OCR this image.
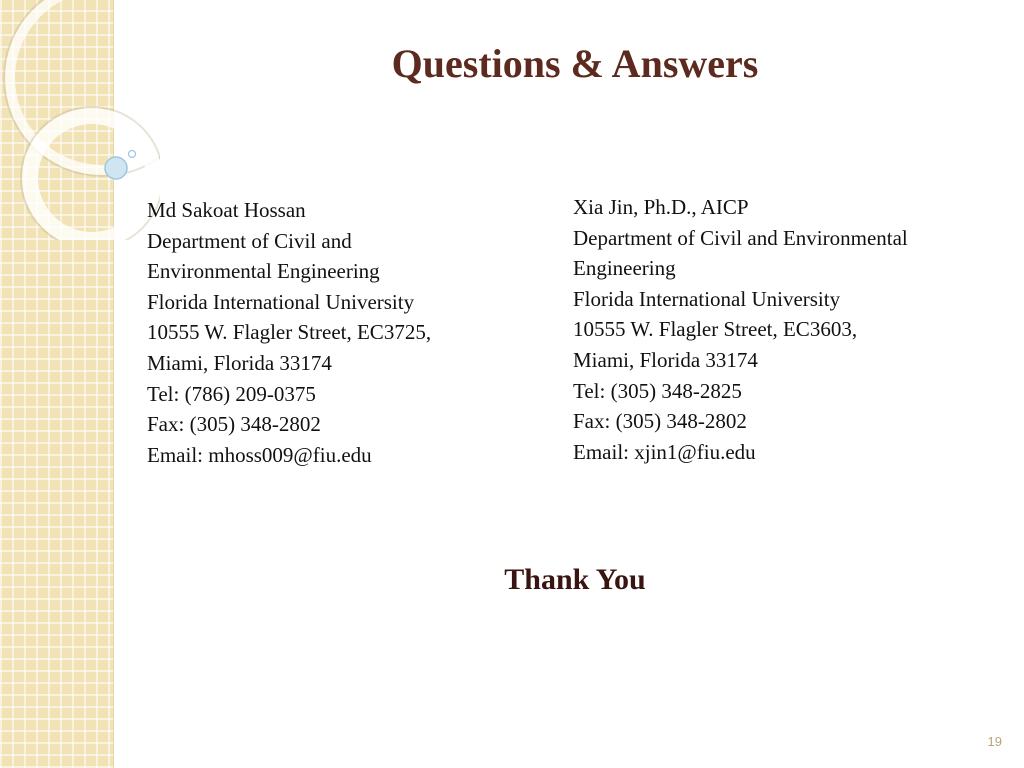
Questions & Answers
Md Sakoat Hossan
Department of Civil and
Environmental Engineering
Florida International University
10555 W. Flagler Street, EC3725,
Miami, Florida 33174
Tel: (786) 209-0375
Fax: (305) 348-2802
Email: mhoss009@fiu.edu
Xia Jin, Ph.D., AICP
Department of Civil and Environmental
Engineering
Florida International University
10555 W. Flagler Street, EC3603,
Miami, Florida 33174
Tel: (305) 348-2825
Fax: (305) 348-2802
Email: xjin1@fiu.edu
Thank You
19
